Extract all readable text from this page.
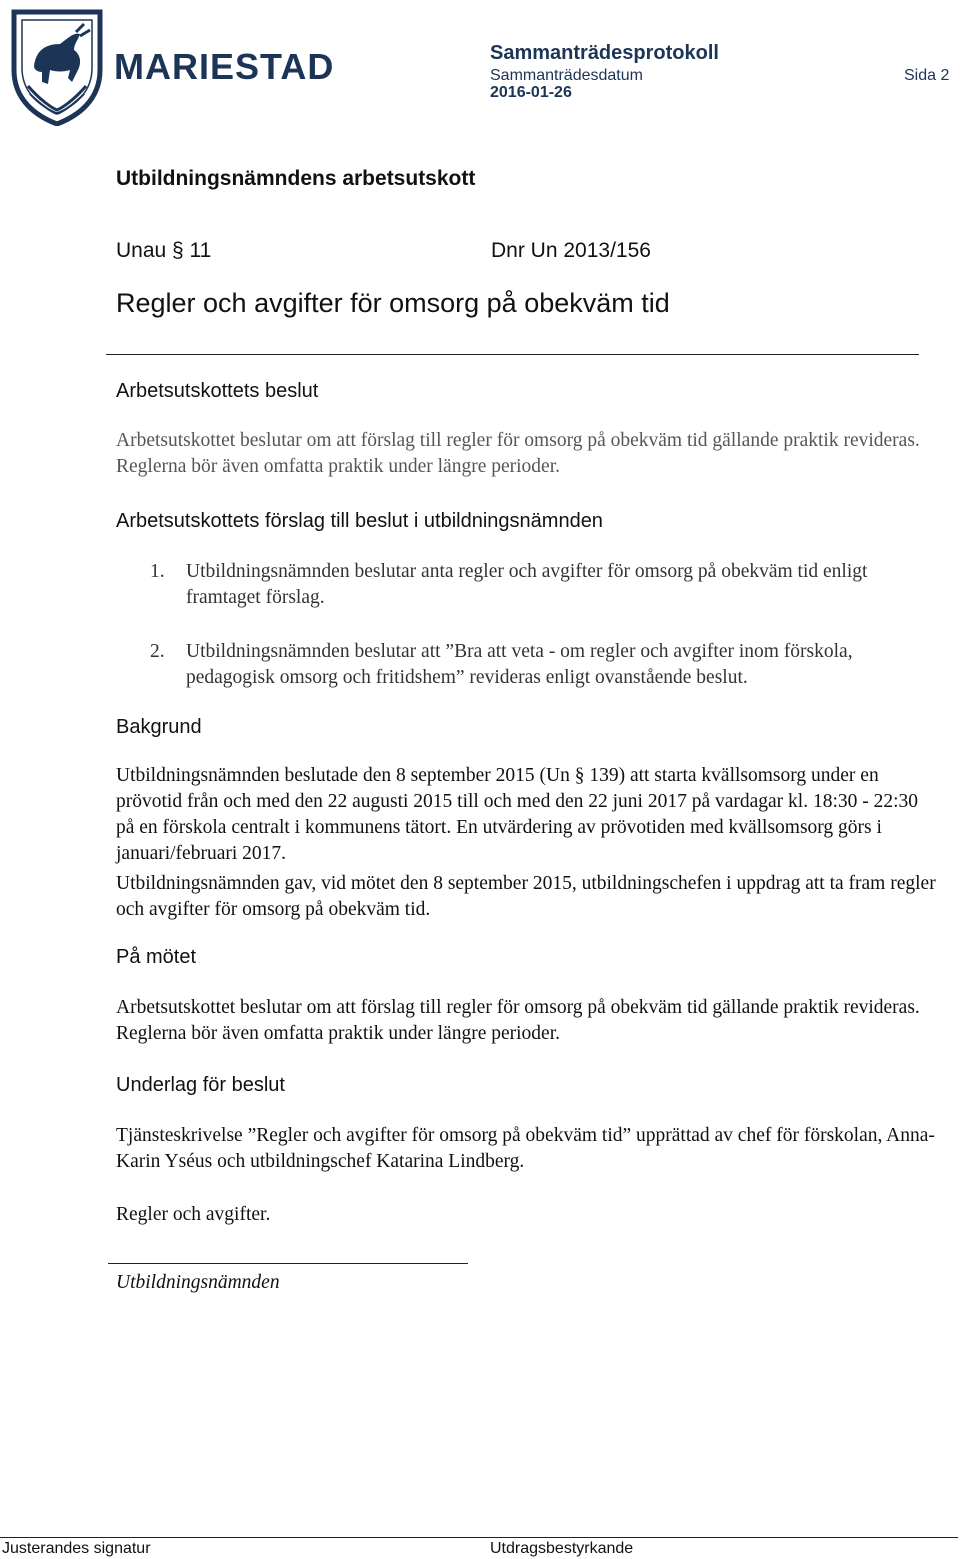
MARIESTAD	Sammanträdesprotokoll
Sammanträdesdatum	Sida 2
2016-01-26
Utbildningsnämndens arbetsutskott
Unau § 11	Dnr Un 2013/156
Regler och avgifter för omsorg på obekväm tid
Arbetsutskottets beslut
Arbetsutskottet beslutar om att förslag till regler för omsorg på obekväm tid gällande praktik revideras. Reglerna bör även omfatta praktik under längre perioder.
Arbetsutskottets förslag till beslut i utbildningsnämnden
1. Utbildningsnämnden beslutar anta regler och avgifter för omsorg på obekväm tid enligt framtaget förslag.
2. Utbildningsnämnden beslutar att ”Bra att veta - om regler och avgifter inom förskola, pedagogisk omsorg och fritidshem” revideras enligt ovanstående beslut.
Bakgrund
Utbildningsnämnden beslutade den 8 september 2015 (Un § 139) att starta kvällsomsorg under en prövotid från och med den 22 augusti 2015 till och med den 22 juni 2017 på vardagar kl. 18:30 - 22:30 på en förskola centralt i kommunens tätort. En utvärdering av prövotiden med kvällsomsorg görs i januari/februari 2017.
Utbildningsnämnden gav, vid mötet den 8 september 2015, utbildningschefen i uppdrag att ta fram regler och avgifter för omsorg på obekväm tid.
På mötet
Arbetsutskottet beslutar om att förslag till regler för omsorg på obekväm tid gällande praktik revideras. Reglerna bör även omfatta praktik under längre perioder.
Underlag för beslut
Tjänsteskrivelse ”Regler och avgifter för omsorg på obekväm tid” upprättad av chef för förskolan, Anna-Karin Yséus och utbildningschef Katarina Lindberg.
Regler och avgifter.
Utbildningsnämnden
Justerandes signatur	Utdragsbestyrkande
